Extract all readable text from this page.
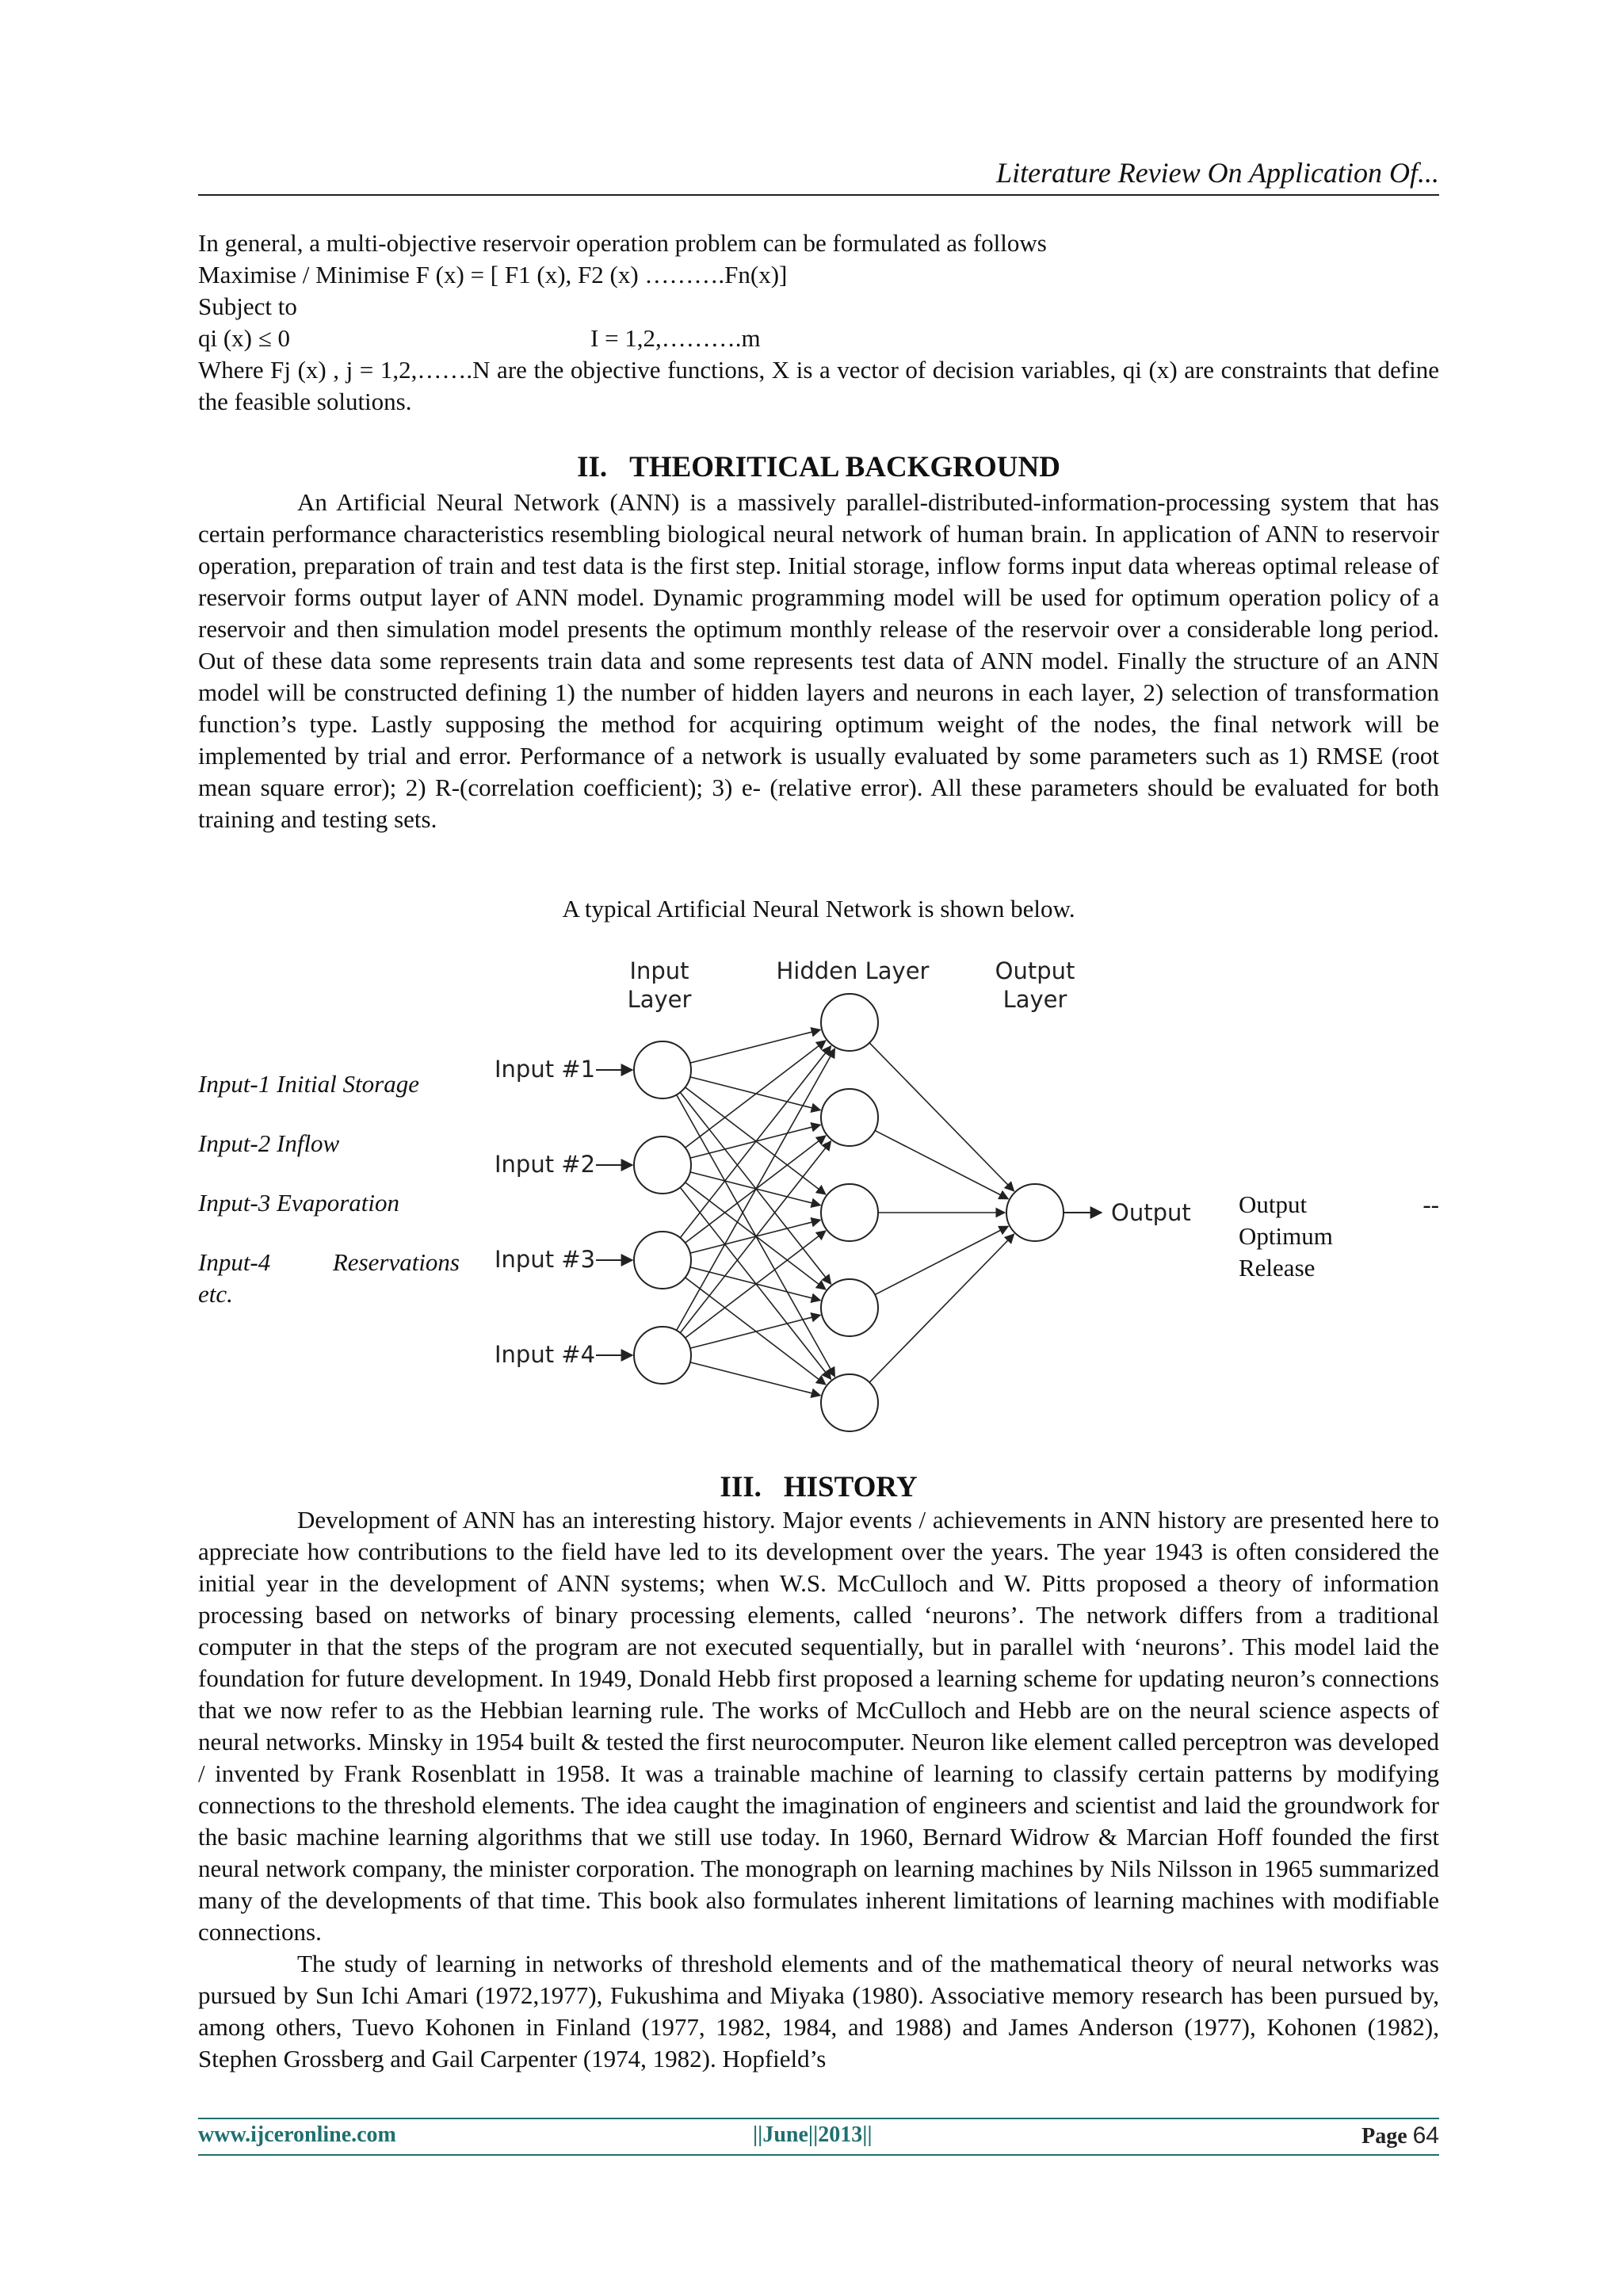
Literature Review On Application Of...

In general, a multi-objective reservoir operation problem can be formulated as follows

Maximise / Minimise F (x) = [ F1 (x), F2 (x) ……….Fn(x)]

Subject to

qi (x) ≤ 0	I = 1,2,……….m

Where Fj (x) , j = 1,2,…….N are the objective functions, X is a vector of decision variables, qi (x) are constraints that define the feasible solutions.

II. THEORITICAL BACKGROUND

An Artificial Neural Network (ANN) is a massively parallel-distributed-information-processing system that has certain performance characteristics resembling biological neural network of human brain. In application of ANN to reservoir operation, preparation of train and test data is the first step. Initial storage, inflow forms input data whereas optimal release of reservoir forms output layer of ANN model. Dynamic programming model will be used for optimum operation policy of a reservoir and then simulation model presents the optimum monthly release of the reservoir over a considerable long period. Out of these data some represents train data and some represents test data of ANN model. Finally the structure of an ANN model will be constructed defining 1) the number of hidden layers and neurons in each layer, 2) selection of transformation function’s type. Lastly supposing the method for acquiring optimum weight of the nodes, the final network will be implemented by trial and error. Performance of a network is usually evaluated by some parameters such as 1) RMSE (root mean square error); 2) R-(correlation coefficient); 3) e- (relative error). All these parameters should be evaluated for both training and testing sets.

A typical Artificial Neural Network is shown below.
Input-1 Initial Storage
Input-2 Inflow
Input-3 Evaporation
Input-4	Reservations
etc.
Input
Layer
Hidden Layer	Output
Layer
Input #1
Input #2
Input #3
Input #4
Output Output	--
Optimum
Release
III. HISTORY

Development of ANN has an interesting history. Major events / achievements in ANN history are presented here to appreciate how contributions to the field have led to its development over the years. The year 1943 is often considered the initial year in the development of ANN systems; when W.S. McCulloch and W. Pitts proposed a theory of information processing based on networks of binary processing elements, called ‘neurons’. The network differs from a traditional computer in that the steps of the program are not executed sequentially, but in parallel with ‘neurons’. This model laid the foundation for future development. In 1949, Donald Hebb first proposed a learning scheme for updating neuron’s connections that we now refer to as the Hebbian learning rule. The works of McCulloch and Hebb are on the neural science aspects of neural networks. Minsky in 1954 built & tested the first neurocomputer. Neuron like element called perceptron was developed / invented by Frank Rosenblatt in 1958. It was a trainable machine of learning to classify certain patterns by modifying connections to the threshold elements. The idea caught the imagination of engineers and scientist and laid the groundwork for the basic machine learning algorithms that we still use today. In 1960, Bernard Widrow & Marcian Hoff founded the first neural network company, the minister corporation. The monograph on learning machines by Nils Nilsson in 1965 summarized many of the developments of that time. This book also formulates inherent limitations of learning machines with modifiable connections.

The study of learning in networks of threshold elements and of the mathematical theory of neural networks was pursued by Sun Ichi Amari (1972,1977), Fukushima and Miyaka (1980). Associative memory research has been pursued by, among others, Tuevo Kohonen in Finland (1977, 1982, 1984, and 1988) and James Anderson (1977), Kohonen (1982), Stephen Grossberg and Gail Carpenter (1974, 1982). Hopfield’s

www.ijceronline.com	||June||2013||	Page 64
